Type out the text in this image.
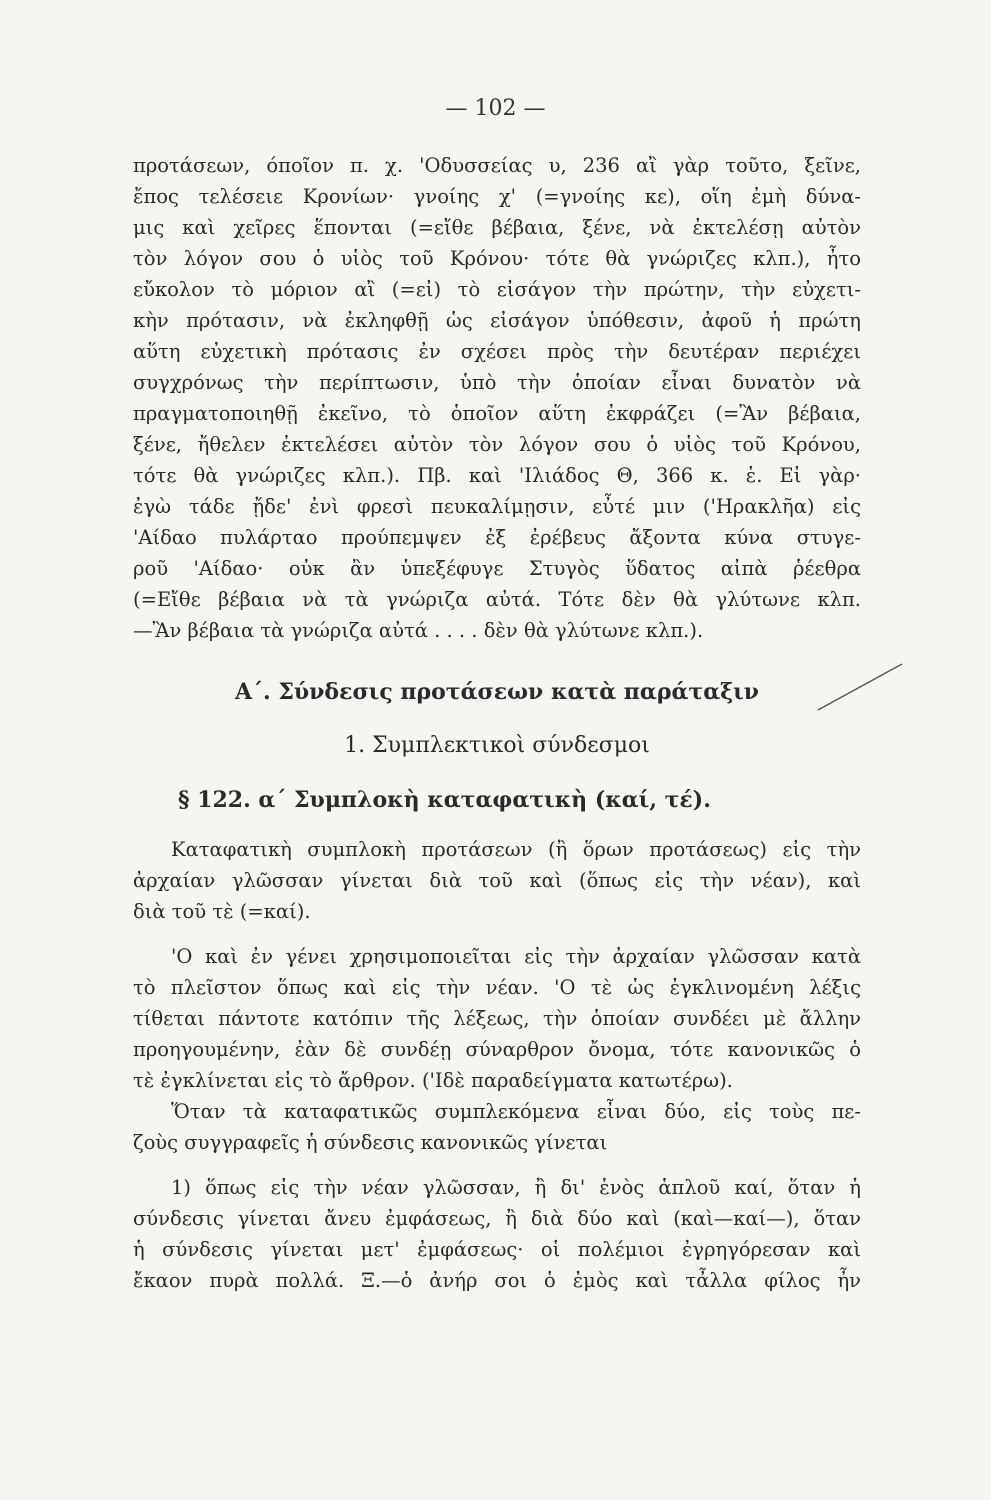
— 102 —
προτάσεων, όποῖον π. χ. 'Οδυσσείας υ, 236 αἲ γὰρ τοῦτο, ξεῖνε,
ἔπος τελέσειε Κρονίων· γνοίης χ' (=γνοίης κε), οἵη ἐμὴ δύνα-
μις καὶ χεῖρες ἕπονται (=εἴθε βέβαια, ξένε, νὰ ἐκτελέσῃ αὐτὸν
τὸν λόγον σου ὁ υἱὸς τοῦ Κρόνου· τότε θὰ γνώριζες κλπ.), ἦτο
εὔκολον τὸ μόριον αἲ (=εἰ) τὸ εἰσάγον τὴν πρώτην, τὴν εὐχετι-
κὴν πρότασιν, νὰ ἐκληφθῇ ὡς εἰσάγον ὑπόθεσιν, ἀφοῦ ἡ πρώτη
αὕτη εὐχετικὴ πρότασις ἐν σχέσει πρὸς τὴν δευτέραν περιέχει
συγχρόνως τὴν περίπτωσιν, ὑπὸ τὴν ὁποίαν εἶναι δυνατὸν νὰ
πραγματοποιηθῇ ἐκεῖνο, τὸ ὁποῖον αὕτη ἐκφράζει (=Ἂν βέβαια,
ξένε, ἤθελεν ἐκτελέσει αὐτὸν τὸν λόγον σου ὁ υἱὸς τοῦ Κρόνου,
τότε θὰ γνώριζες κλπ.). Πβ. καὶ 'Ιλιάδος Θ, 366 κ. ἑ. Εἰ γὰρ·
ἐγὼ τάδε ᾔδε' ἐνὶ φρεσὶ πευκαλίμῃσιν, εὖτέ μιν ('Ηρακλῆα) εἰς
'Αίδαο πυλάρταο προύπεμψεν ἐξ ἐρέβευς ἄξοντα κύνα στυγε-
ροῦ 'Αίδαο· οὐκ ἂν ὑπεξέφυγε Στυγὸς ὕδατος αἰπὰ ῥέεθρα
(=Εἴθε βέβαια νὰ τὰ γνώριζα αὐτά. Τότε δὲν θὰ γλύτωνε κλπ.
—Ἂν βέβαια τὰ γνώριζα αὐτά . . . . δὲν θὰ γλύτωνε κλπ.).
Α΄. Σύνδεσις προτάσεων κατὰ παράταξιν
1. Συμπλεκτικοὶ σύνδεσμοι
§ 122. α΄ Συμπλοκὴ καταφατικὴ (καί, τέ).
Καταφατικὴ συμπλοκὴ προτάσεων (ἢ ὅρων προτάσεως) εἰς τὴν
ἀρχαίαν γλῶσσαν γίνεται διὰ τοῦ καὶ (ὅπως εἰς τὴν νέαν), καὶ
διὰ τοῦ τὲ (=καί).
'Ο καὶ ἐν γένει χρησιμοποιεῖται εἰς τὴν ἀρχαίαν γλῶσσαν κατὰ
τὸ πλεῖστον ὅπως καὶ εἰς τὴν νέαν. 'Ο τὲ ὡς ἐγκλινομένη λέξις
τίθεται πάντοτε κατόπιν τῆς λέξεως, τὴν ὁποίαν συνδέει μὲ ἄλλην
προηγουμένην, ἐὰν δὲ συνδέῃ σύναρθρον ὄνομα, τότε κανονικῶς ὁ
τὲ ἐγκλίνεται εἰς τὸ ἄρθρον. ('Ιδὲ παραδείγματα κατωτέρω).
Ὅταν τὰ καταφατικῶς συμπλεκόμενα εἶναι δύο, εἰς τοὺς πε-
ζοὺς συγγραφεῖς ἡ σύνδεσις κανονικῶς γίνεται
1) ὅπως εἰς τὴν νέαν γλῶσσαν, ἢ δι' ἑνὸς ἁπλοῦ καί, ὅταν ἡ
σύνδεσις γίνεται ἄνευ ἐμφάσεως, ἢ διὰ δύο καὶ (καὶ—καί—), ὅταν
ἡ σύνδεσις γίνεται μετ' ἐμφάσεως· οἱ πολέμιοι ἐγρηγόρεσαν καὶ
ἔκαον πυρὰ πολλά. Ξ.—ὁ ἀνήρ σοι ὁ ἐμὸς καὶ τἆλλα φίλος ἦν
